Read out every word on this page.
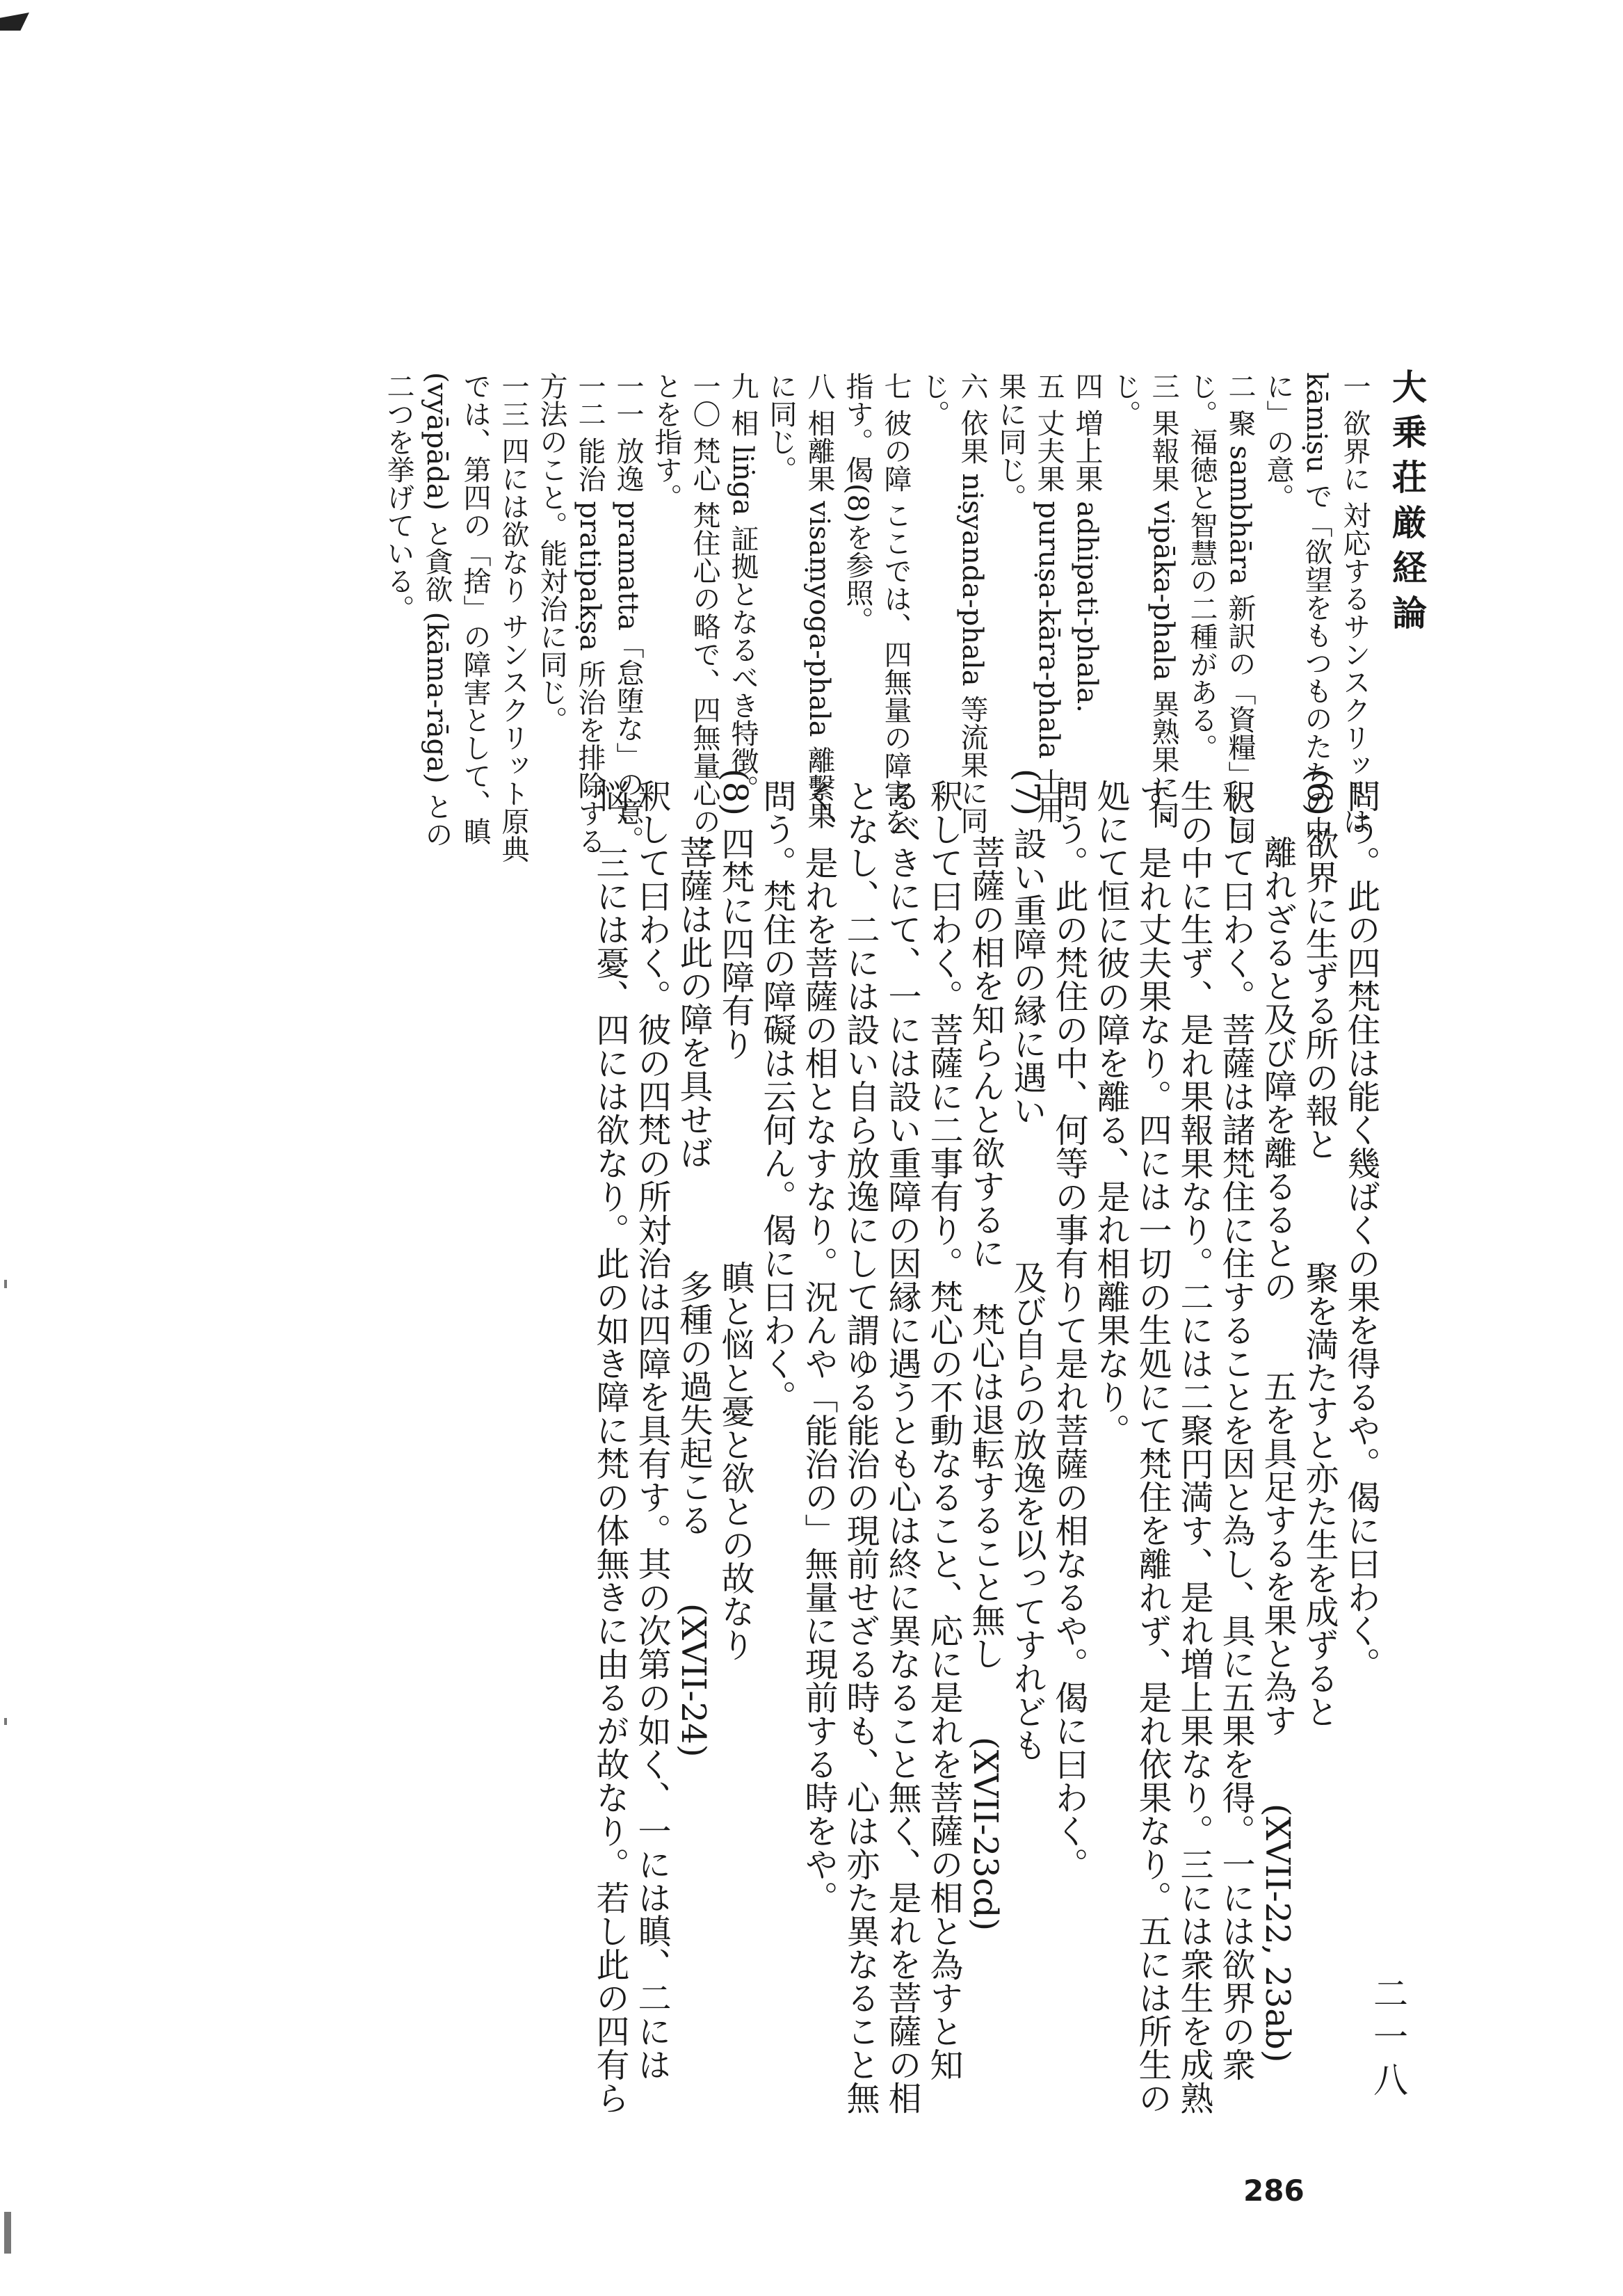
大乗荘厳経論
二一八
286
一 欲界に 対応するサンスクリットは
kāmiṣu で「欲望をもつものたちの中
に」の意。
二 聚 sambhāra 新訳の「資糧」に同
じ。福徳と智慧の二種がある。
三 果報果 vipāka-phala 異熟果に同
じ。
四 増上果 adhipati-phala.
五 丈夫果 puruṣa-kāra-phala 士用
果に同じ。
六 依果 niṣyanda-phala 等流果に同
じ。
七 彼の障 ここでは、四無量の障害を
指す。偈(8)を参照。
八 相離果 visaṃyoga-phala 離繫果
に同じ。
九 相 liṅga 証拠となるべき特徴。
一〇 梵心 梵住心の略で、四無量心のこ
とを指す。
一一 放逸 pramatta「怠堕な」の意。
一二 能治 pratipakṣa 所治を排除する
方法のこと。能対治に同じ。
一三 四には欲なり サンスクリット原典
では、第四の「捨」の障害として、瞋
(vyāpāda) と貪欲 (kāma-rāga) との
二つを挙げている。
問う。此の四梵住は能く幾ばくの果を得るや。偈に曰わく。
(6) 欲界に生ずる所の報と　　　聚を満たすと亦た生を成ずると
　　離れざると及び障を離るるとの　　五を具足するを果と為す　　(XVII-22, 23ab)
釈して曰わく。菩薩は諸梵住に住することを因と為し、具に五果を得。一には欲界の衆
生の中に生ず、是れ果報果なり。二には二聚円満す、是れ増上果なり。三には衆生を成熟
す、是れ丈夫果なり。四には一切の生処にて梵住を離れず、是れ依果なり。五には所生の
処にて恒に彼の障を離る、是れ相離果なり。
問う。此の梵住の中、何等の事有りて是れ菩薩の相なるや。偈に曰わく。
(7) 設い重障の縁に遇い　　　　及び自らの放逸を以ってすれども
　　菩薩の相を知らんと欲するに　梵心は退転すること無し　　(XVII-23cd)
釈して曰わく。菩薩に二事有り。梵心の不動なること、応に是れを菩薩の相と為すと知
るべきにて、一には設い重障の因縁に遇うとも心は終に異なること無く、是れを菩薩の相
となし、二には設い自ら放逸にして謂ゆる能治の現前せざる時も、心は亦た異なること無
く、是れを菩薩の相となすなり。況んや「能治の」無量に現前する時をや。
問う。梵住の障礙は云何ん。偈に曰わく。
(8) 四梵に四障有り　　　　　　瞋と悩と憂と欲との故なり
　　菩薩は此の障を具せば　　　多種の過失起こる　　(XVII-24)
釈して曰わく。彼の四梵の所対治は四障を具有す。其の次第の如く、一には瞋、二には
悩、三には憂、四には欲なり。此の如き障に梵の体無きに由るが故なり。若し此の四有ら
